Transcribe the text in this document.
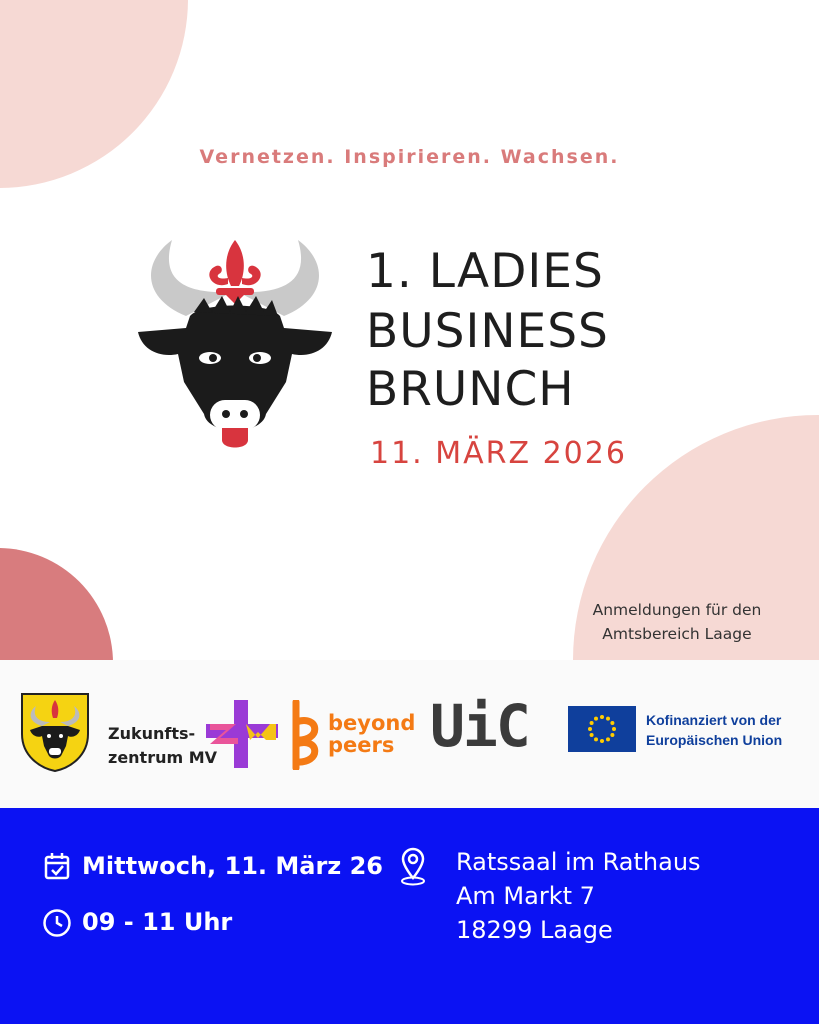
Vernetzen. Inspirieren. Wachsen.
1. LADIES
BUSINESS
BRUNCH
11. MÄRZ 2026
Anmeldungen für den
Amtsbereich Laage
Zukunfts-
zentrum MV	ZMV
beyond
peers UiC	Kofinanziert von der
Europäischen Union
Mittwoch, 11. März 26
09 - 11 Uhr
Ratssaal im Rathaus
Am Markt 7
18299 Laage
